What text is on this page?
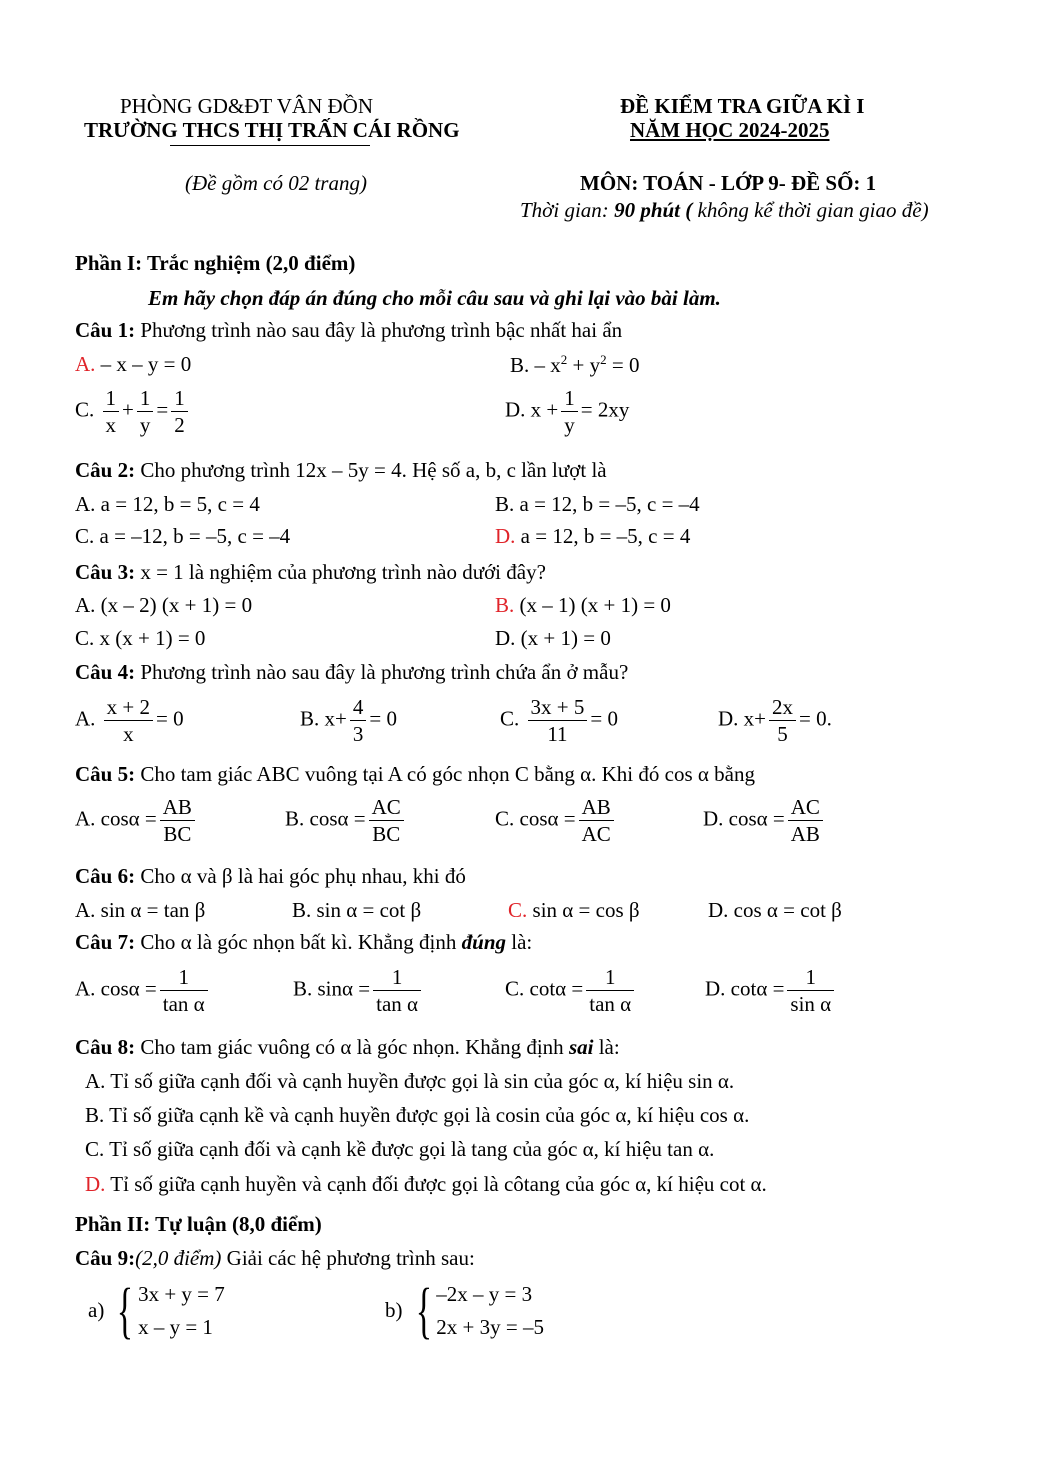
PHÒNG GD&ĐT VÂN ĐỒN
TRƯỜNG THCS THỊ TRẤN CÁI RỒNG
ĐỀ KIỂM TRA GIỮA KÌ I
NĂM HỌC 2024-2025
(Đề gồm có 02 trang)	MÔN: TOÁN - LỚP 9- ĐỀ SỐ: 1
Thời gian: 90 phút ( không kể thời gian giao đề)
Phần I: Trắc nghiệm (2,0 điểm)
Em hãy chọn đáp án đúng cho mỗi câu sau và ghi lại vào bài làm.
Câu 1: Phương trình nào sau đây là phương trình bậc nhất hai ẩn
A. – x – y = 0	B. – $x^2 + y^2 = 0$
C. $\frac{1}{x} + \frac{1}{y} = \frac{1}{2}$	D. $x + \frac{1}{y} = 2xy$
Câu 2: Cho phương trình 12x – 5y = 4. Hệ số a, b, c lần lượt là
A. a = 12, b = 5, c = 4	B. a = 12, b = –5, c = –4
C. a = –12, b = –5, c = –4	D. a = 12, b = –5, c = 4
Câu 3: x = 1 là nghiệm của phương trình nào dưới đây?
A. (x – 2) (x + 1) = 0	B. (x – 1) (x + 1) = 0
C. x (x + 1) = 0	D. (x + 1) = 0
Câu 4: Phương trình nào sau đây là phương trình chứa ẩn ở mẫu?
A. $\frac{x + 2}{x} = 0$	B. $x+ \frac{4}{3} = 0$	C. $\frac{3x + 5}{11} = 0$	D. $x+ \frac{2x}{5} = 0$.
Câu 5: Cho tam giác ABC vuông tại A có góc nhọn C bằng α. Khi đó cos α bằng
A. $\cos\alpha = \frac{AB}{BC}$	B. $\cos\alpha = \frac{AC}{BC}$	C. $\cos\alpha = \frac{AB}{AC}$	D. $\cos\alpha = \frac{AC}{AB}$
Câu 6: Cho α và β là hai góc phụ nhau, khi đó
A. sin α = tan β	B. sin α = cot β	C. sin α = cos β	D. cos α = cot β
Câu 7: Cho α là góc nhọn bất kì. Khẳng định đúng là:
A. $\cos\alpha = \frac{1}{\text{tan α}}$	B. $\sin\alpha = \frac{1}{\text{tan α}}$	C. $\cot\alpha = \frac{1}{\text{tan α}}$	D. $\cot\alpha = \frac{1}{\text{sin α}}$
Câu 8: Cho tam giác vuông có α là góc nhọn. Khẳng định sai là:
A. Tỉ số giữa cạnh đối và cạnh huyền được gọi là sin của góc α, kí hiệu sin α.
B. Tỉ số giữa cạnh kề và cạnh huyền được gọi là cosin của góc α, kí hiệu cos α.
C. Tỉ số giữa cạnh đối và cạnh kề được gọi là tang của góc α, kí hiệu tan α.
D. Tỉ số giữa cạnh huyền và cạnh đối được gọi là côtang của góc α, kí hiệu cot α.
Phần II: Tự luận (8,0 điểm)
Câu 9:(2,0 điểm) Giải các hệ phương trình sau:
a) { 3x + y = 7
x – y = 1
b) { –2x – y = 3
2x + 3y = –5
